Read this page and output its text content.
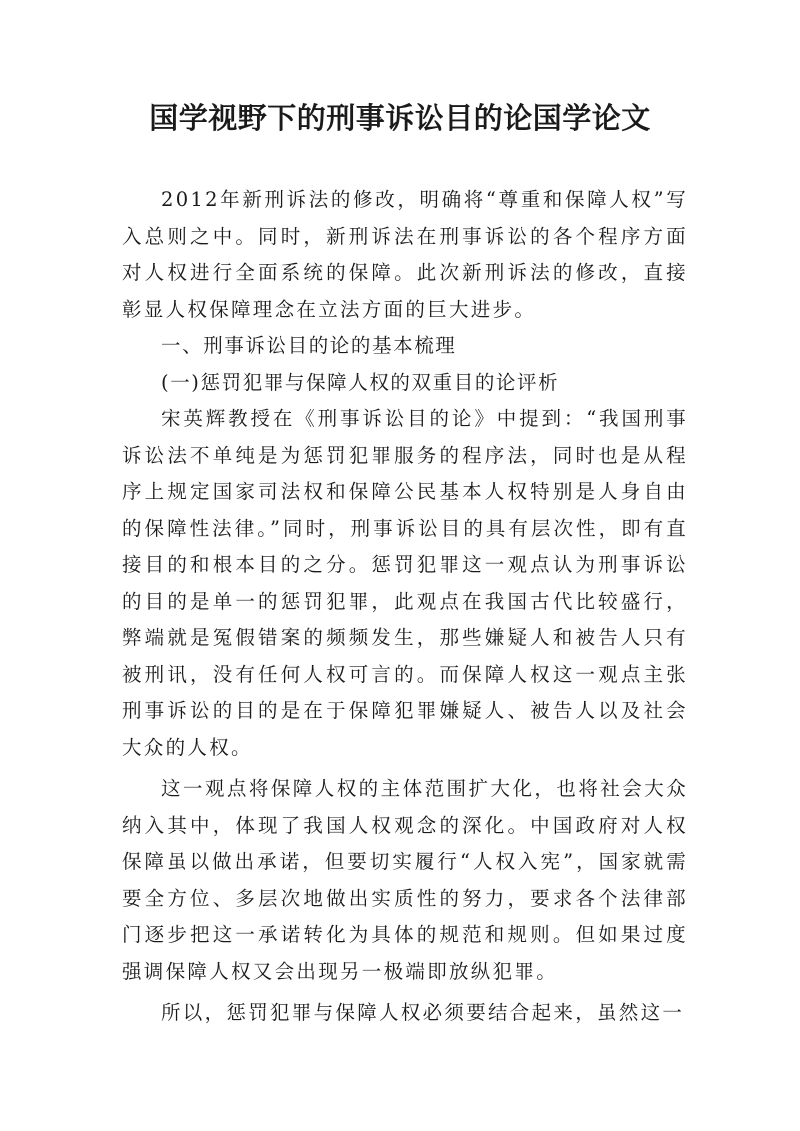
国学视野下的刑事诉讼目的论国学论文

2012年新刑诉法的修改，明确将“尊重和保障人权”写入总则之中。同时，新刑诉法在刑事诉讼的各个程序方面对人权进行全面系统的保障。此次新刑诉法的修改，直接彰显人权保障理念在立法方面的巨大进步。

一、刑事诉讼目的论的基本梳理

(一)惩罚犯罪与保障人权的双重目的论评析

宋英辉教授在《刑事诉讼目的论》中提到：“我国刑事诉讼法不单纯是为惩罚犯罪服务的程序法，同时也是从程序上规定国家司法权和保障公民基本人权特别是人身自由的保障性法律。”同时，刑事诉讼目的具有层次性，即有直接目的和根本目的之分。惩罚犯罪这一观点认为刑事诉讼的目的是单一的惩罚犯罪，此观点在我国古代比较盛行，弊端就是冤假错案的频频发生，那些嫌疑人和被告人只有被刑讯，没有任何人权可言的。而保障人权这一观点主张刑事诉讼的目的是在于保障犯罪嫌疑人、被告人以及社会大众的人权。

这一观点将保障人权的主体范围扩大化，也将社会大众纳入其中，体现了我国人权观念的深化。中国政府对人权保障虽以做出承诺，但要切实履行“人权入宪”，国家就需要全方位、多层次地做出实质性的努力，要求各个法律部门逐步把这一承诺转化为具体的规范和规则。但如果过度强调保障人权又会出现另一极端即放纵犯罪。

所以，惩罚犯罪与保障人权必须要结合起来，虽然这一
